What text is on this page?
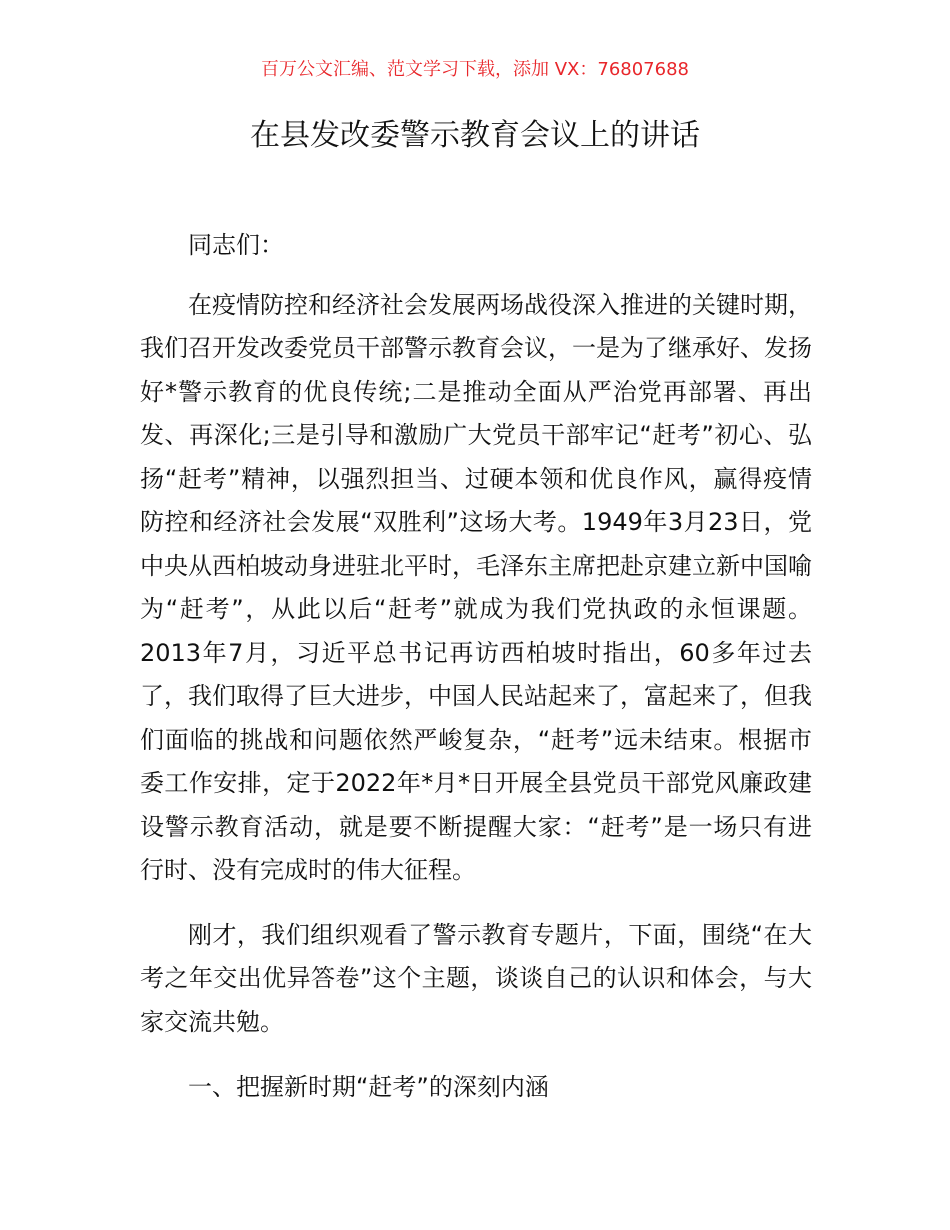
百万公文汇编、范文学习下载，添加 VX：76807688
在县发改委警示教育会议上的讲话

同志们：

在疫情防控和经济社会发展两场战役深入推进的关键时期，我们召开发改委党员干部警示教育会议，一是为了继承好、发扬好*警示教育的优良传统;二是推动全面从严治党再部署、再出发、再深化;三是引导和激励广大党员干部牢记“赶考”初心、弘扬“赶考”精神，以强烈担当、过硬本领和优良作风，赢得疫情防控和经济社会发展“双胜利”这场大考。1949年3月23日，党中央从西柏坡动身进驻北平时，毛泽东主席把赴京建立新中国喻为“赶考”，从此以后“赶考”就成为我们党执政的永恒课题。2013年7月，习近平总书记再访西柏坡时指出，60多年过去了，我们取得了巨大进步，中国人民站起来了，富起来了，但我们面临的挑战和问题依然严峻复杂，“赶考”远未结束。根据市委工作安排，定于2022年*月*日开展全县党员干部党风廉政建设警示教育活动，就是要不断提醒大家：“赶考”是一场只有进行时、没有完成时的伟大征程。

刚才，我们组织观看了警示教育专题片，下面，围绕“在大考之年交出优异答卷”这个主题，谈谈自己的认识和体会，与大家交流共勉。

一、把握新时期“赶考”的深刻内涵
